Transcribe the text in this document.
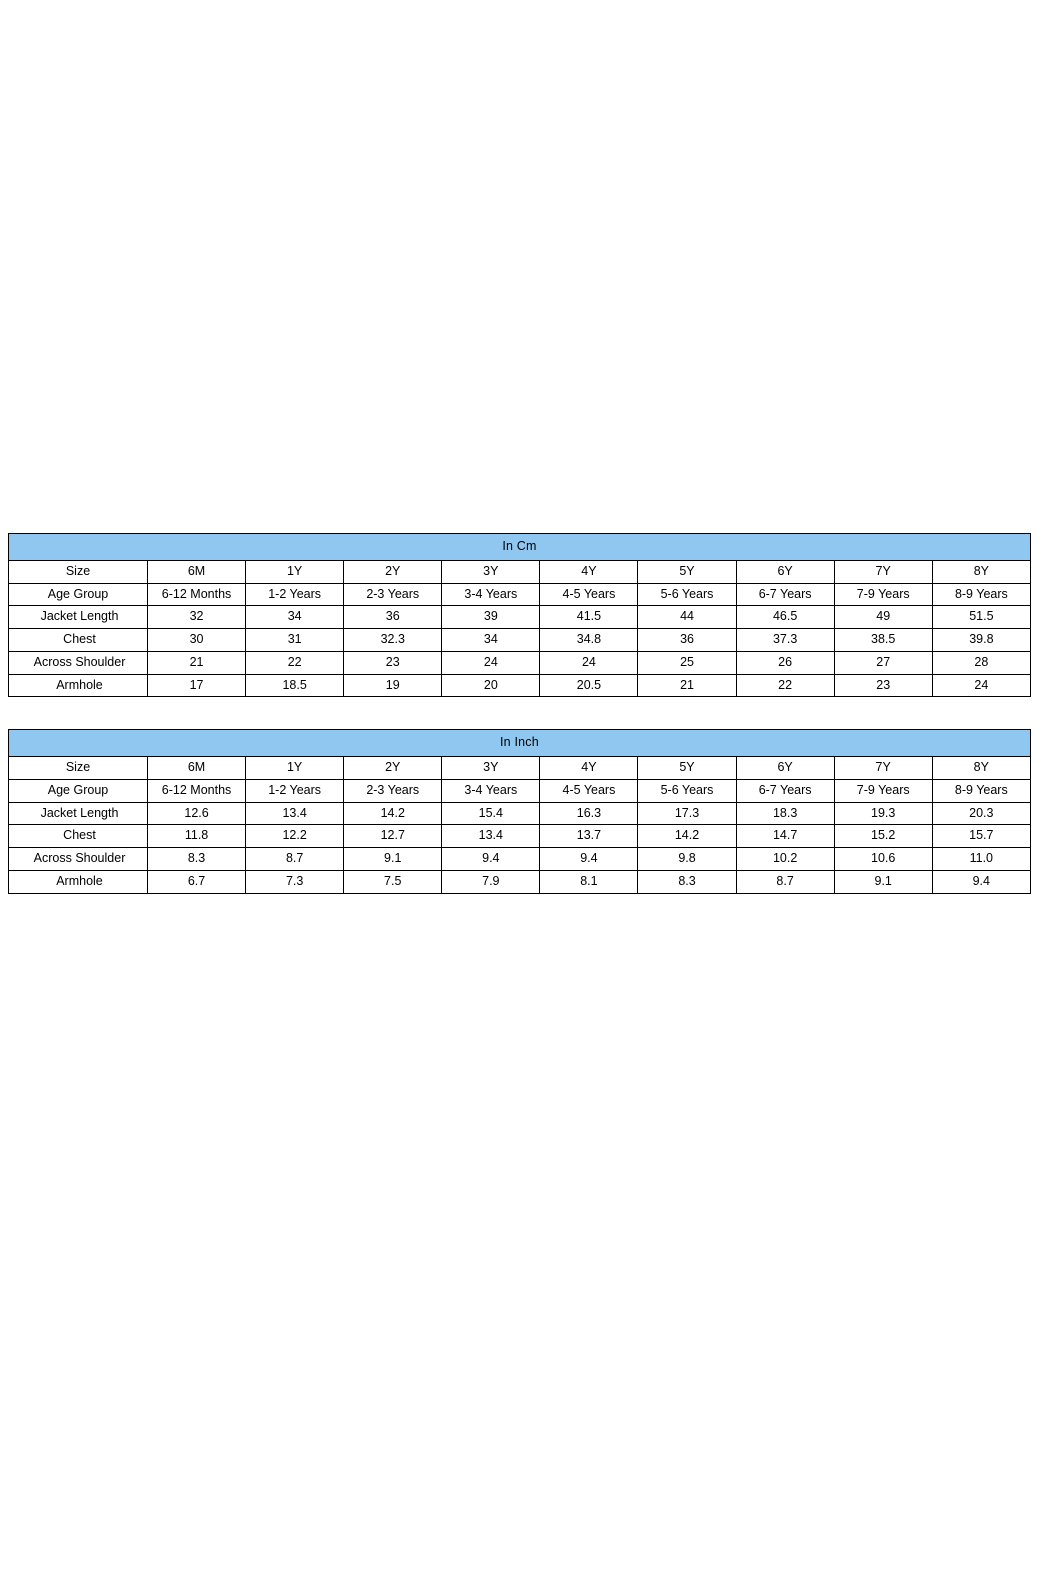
In Cm									
Size	6M	1Y	2Y	3Y	4Y	5Y	6Y	7Y	8Y
Age Group	6-12 Months	1-2 Years	2-3 Years	3-4 Years	4-5 Years	5-6 Years	6-7 Years	7-9 Years	8-9 Years
Jacket Length	32	34	36	39	41.5	44	46.5	49	51.5
Chest	30	31	32.3	34	34.8	36	37.3	38.5	39.8
Across Shoulder	21	22	23	24	24	25	26	27	28
Armhole	17	18.5	19	20	20.5	21	22	23	24
In Inch									
Size	6M	1Y	2Y	3Y	4Y	5Y	6Y	7Y	8Y
Age Group	6-12 Months	1-2 Years	2-3 Years	3-4 Years	4-5 Years	5-6 Years	6-7 Years	7-9 Years	8-9 Years
Jacket Length	12.6	13.4	14.2	15.4	16.3	17.3	18.3	19.3	20.3
Chest	11.8	12.2	12.7	13.4	13.7	14.2	14.7	15.2	15.7
Across Shoulder	8.3	8.7	9.1	9.4	9.4	9.8	10.2	10.6	11.0
Armhole	6.7	7.3	7.5	7.9	8.1	8.3	8.7	9.1	9.4
